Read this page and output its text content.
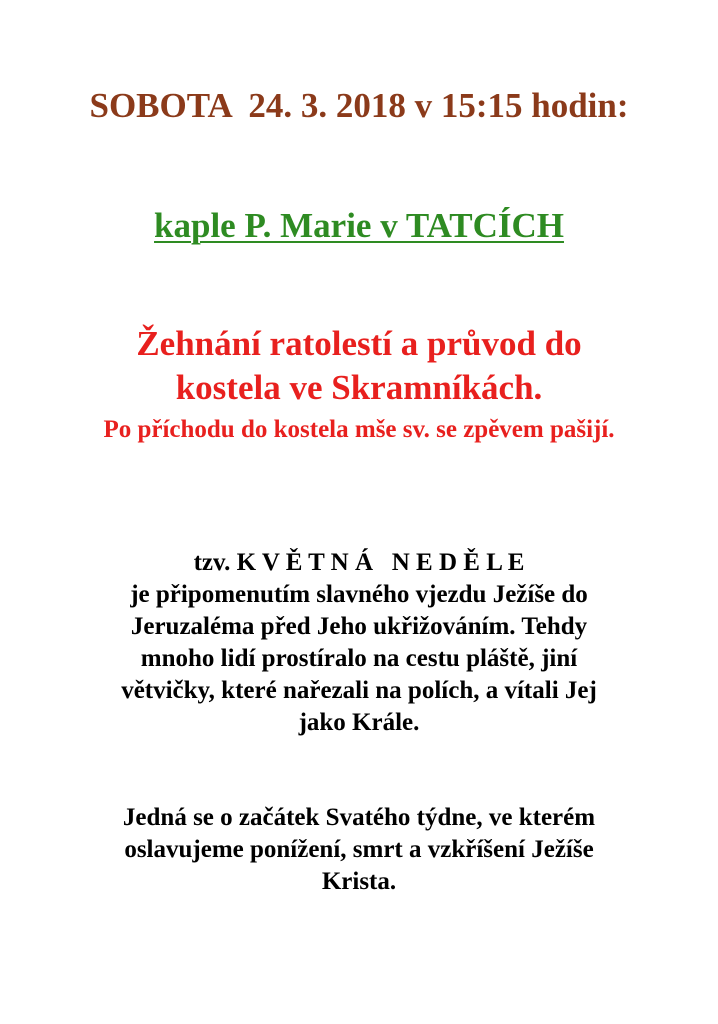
SOBOTA  24. 3. 2018 v 15:15 hodin:

kaple P. Marie v TATCÍCH

Žehnání ratolestí a průvod do
kostela ve Skramníkách.
Po příchodu do kostela mše sv. se zpěvem pašijí.
tzv. K V Ě T N Á   N E D Ě L E
je připomenutím slavného vjezdu Ježíše do
Jeruzaléma před Jeho ukřižováním. Tehdy
mnoho lidí prostíralo na cestu pláště, jiní
větvičky, které nařezali na polích, a vítali Jej
jako Krále.
Jedná se o začátek Svatého týdne, ve kterém
oslavujeme ponížení, smrt a vzkříšení Ježíše
Krista.
